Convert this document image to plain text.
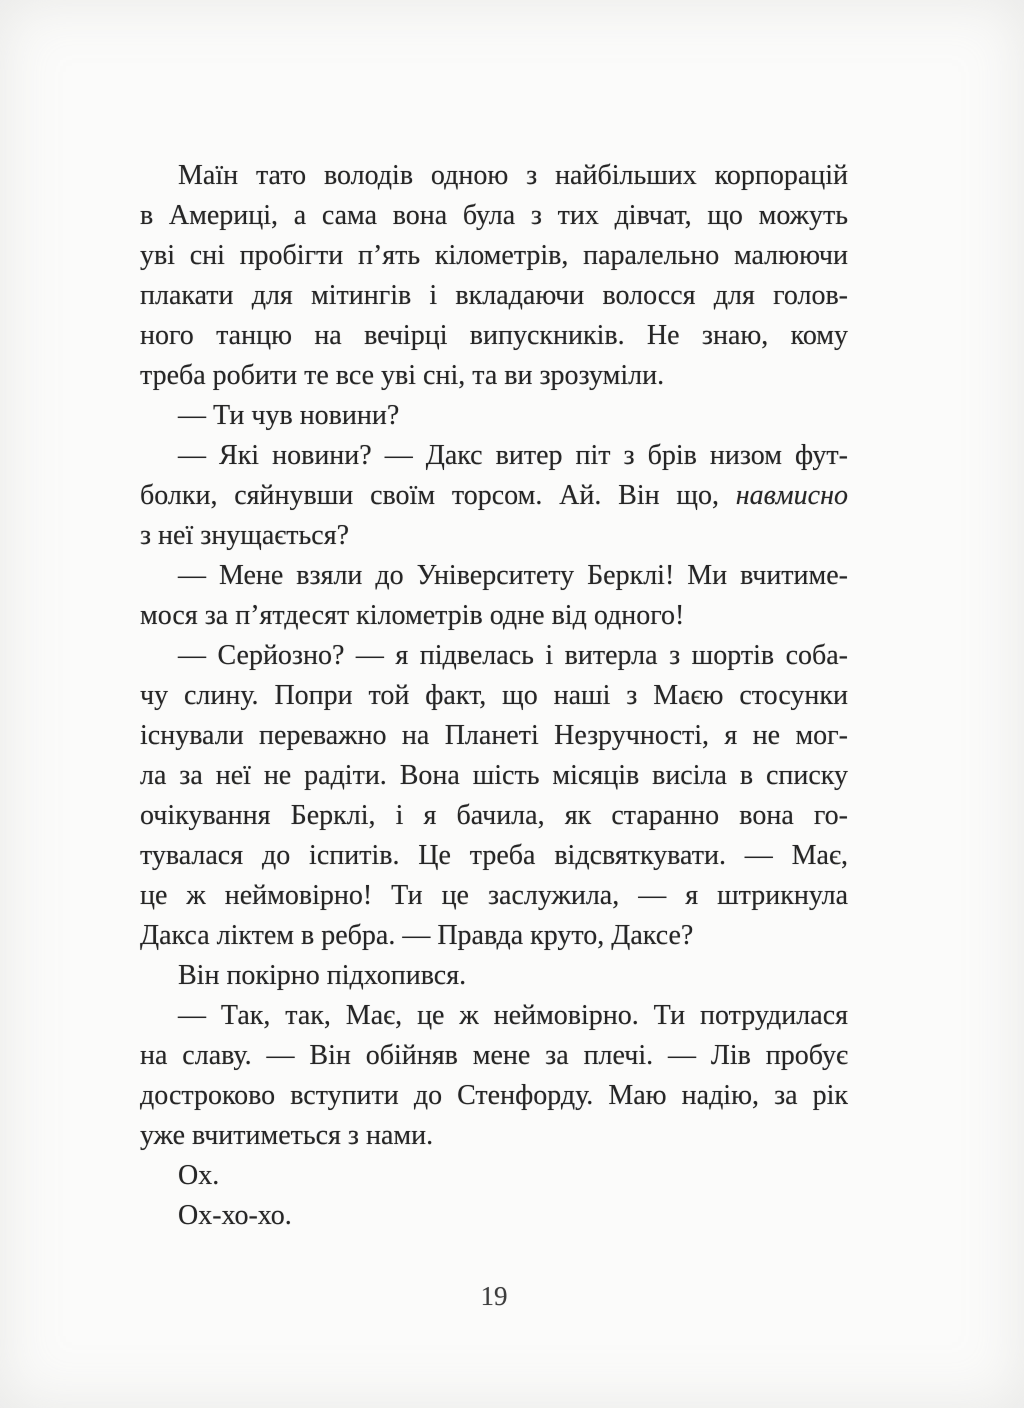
Маїн тато володів одною з найбільших корпорацій
в Америці, а сама вона була з тих дівчат, що можуть
уві сні пробігти п’ять кілометрів, паралельно малюючи
плакати для мітингів і вкладаючи волосся для голов-
ного танцю на вечірці випускників. Не знаю, кому
треба робити те все уві сні, та ви зрозуміли.
— Ти чув новини?
— Які новини? — Дакс витер піт з брів низом фут-
болки, сяйнувши своїм торсом. Ай. Він що, навмисно
з неї знущається?
— Мене взяли до Університету Берклі! Ми вчитиме-
мося за п’ятдесят кілометрів одне від одного!
— Серйозно? — я підвелась і витерла з шортів соба-
чу слину. Попри той факт, що наші з Маєю стосунки
існували переважно на Планеті Незручності, я не мог-
ла за неї не радіти. Вона шість місяців висіла в списку
очікування Берклі, і я бачила, як старанно вона го-
тувалася до іспитів. Це треба відсвяткувати. — Має,
це ж неймовірно! Ти це заслужила, — я штрикнула
Дакса ліктем в ребра. — Правда круто, Даксе?
Він покірно підхопився.
— Так, так, Має, це ж неймовірно. Ти потрудилася
на славу. — Він обійняв мене за плечі. — Лів пробує
достроково вступити до Стенфорду. Маю надію, за рік
уже вчитиметься з нами.
Ох.
Ох-хо-хо.
19
